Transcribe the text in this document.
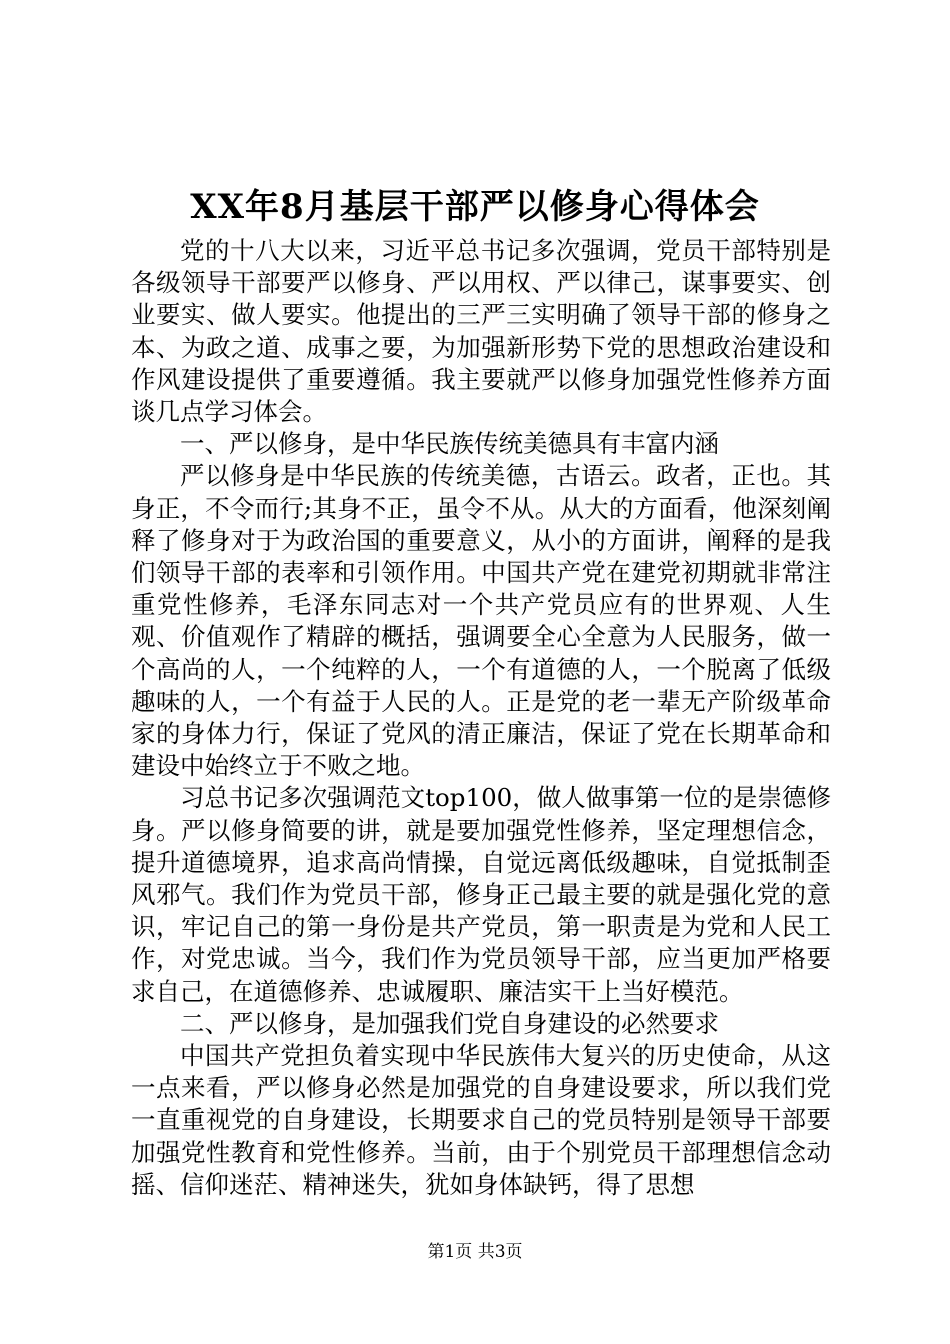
XX年8月基层干部严以修身心得体会

党的十八大以来，习近平总书记多次强调，党员干部特别是各级领导干部要严以修身、严以用权、严以律己，谋事要实、创业要实、做人要实。他提出的三严三实明确了领导干部的修身之本、为政之道、成事之要，为加强新形势下党的思想政治建设和作风建设提供了重要遵循。我主要就严以修身加强党性修养方面谈几点学习体会。

一、严以修身，是中华民族传统美德具有丰富内涵

严以修身是中华民族的传统美德，古语云。政者，正也。其身正，不令而行;其身不正，虽令不从。从大的方面看，他深刻阐释了修身对于为政治国的重要意义，从小的方面讲，阐释的是我们领导干部的表率和引领作用。中国共产党在建党初期就非常注重党性修养，毛泽东同志对一个共产党员应有的世界观、人生观、价值观作了精辟的概括，强调要全心全意为人民服务，做一个高尚的人，一个纯粹的人，一个有道德的人，一个脱离了低级趣味的人，一个有益于人民的人。正是党的老一辈无产阶级革命家的身体力行，保证了党风的清正廉洁，保证了党在长期革命和建设中始终立于不败之地。

习总书记多次强调范文top100，做人做事第一位的是崇德修身。严以修身简要的讲，就是要加强党性修养，坚定理想信念，提升道德境界，追求高尚情操，自觉远离低级趣味，自觉抵制歪风邪气。我们作为党员干部，修身正己最主要的就是强化党的意识，牢记自己的第一身份是共产党员，第一职责是为党和人民工作，对党忠诚。当今，我们作为党员领导干部，应当更加严格要求自己，在道德修养、忠诚履职、廉洁实干上当好模范。

二、严以修身，是加强我们党自身建设的必然要求

中国共产党担负着实现中华民族伟大复兴的历史使命，从这一点来看，严以修身必然是加强党的自身建设要求，所以我们党一直重视党的自身建设，长期要求自己的党员特别是领导干部要加强党性教育和党性修养。当前，由于个别党员干部理想信念动摇、信仰迷茫、精神迷失，犹如身体缺钙，得了思想

第1页 共3页
